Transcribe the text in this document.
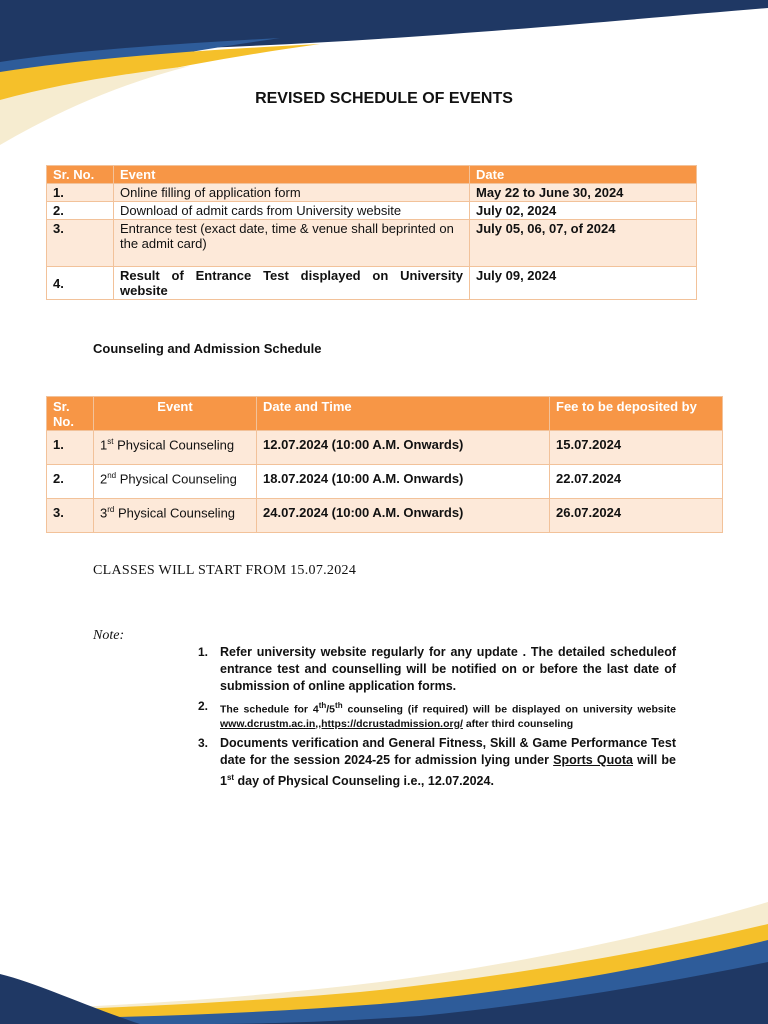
REVISED SCHEDULE OF EVENTS
Sr. No.	Event	Date
1.	Online filling of application form	May 22 to June 30, 2024
2.	Download of admit cards from University website	July 02, 2024
3.	Entrance test (exact date, time & venue shall beprinted on the admit card)	July 05, 06, 07, of 2024
4.	Result of Entrance Test displayed on University website	July 09, 2024
Counseling and Admission Schedule
Sr. No.	Event	Date and Time	Fee to be deposited by
1.	1st Physical Counseling	12.07.2024 (10:00 A.M. Onwards)	15.07.2024
2.	2nd Physical Counseling	18.07.2024 (10:00 A.M. Onwards)	22.07.2024
3.	3rd Physical Counseling	24.07.2024 (10:00 A.M. Onwards)	26.07.2024
CLASSES WILL START FROM 15.07.2024
Note:
1. Refer university website regularly for any update . The detailed scheduleof entrance test and counselling will be notified on or before the last date of submission of online application forms.
2.	The schedule for 4th/5th counseling (if required) will be displayed on university website www.dcrustm.ac.in,,https://dcrustadmission.org/ after third counseling
3. Documents verification and General Fitness, Skill & Game Performance Test date for the session 2024-25 for admission lying under Sports Quota will be 1st day of Physical Counseling i.e., 12.07.2024.
